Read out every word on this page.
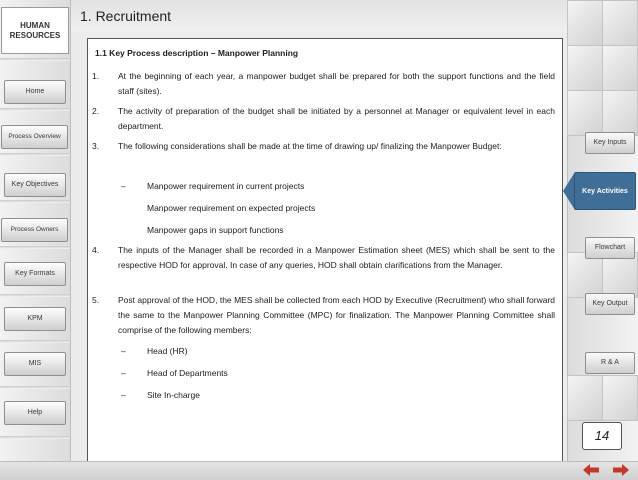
HUMAN RESOURCES
Home
Process Overview
Key Objectives
Process Owners
Key Formats
KPM
MIS
Help
1. Recruitment
Key Inputs
Key Activities
Flowchart
Key Output
R & A
1.1 Key Process description – Manpower Planning
1.	At the beginning of each year, a manpower budget shall be prepared for both the support functions and the field staff (sites).
2.	The activity of preparation of the budget shall be initiated by a personnel at Manager or equivalent level in each department.
3.	The following considerations shall be made at the time of drawing up/ finalizing the Manpower Budget:
–	Manpower requirement in current projects
Manpower requirement on expected projects
Manpower gaps in support functions
4.	The inputs of the Manager shall be recorded in a Manpower Estimation sheet (MES) which shall be sent to the respective HOD for approval. In case of any queries, HOD shall obtain clarifications from the Manager.
5.	Post approval of the HOD, the MES shall be collected from each HOD by Executive (Recruitment) who shall forward the same to the Manpower Planning Committee (MPC) for finalization. The Manpower Planning Committee shall comprise of the following members:
–	Head (HR)
–	Head of Departments
–	Site In-charge
14
